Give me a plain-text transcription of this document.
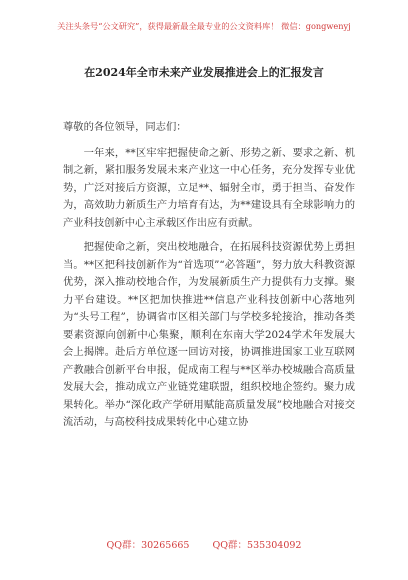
关注头条号“公文研究”，获得最新最全最专业的公文资料库！ 微信：gongwenyj
在2024年全市未来产业发展推进会上的汇报发言

尊敬的各位领导，同志们：

一年来，**区牢牢把握使命之新、形势之新、要求之新、机制之新，紧扣服务发展未来产业这一中心任务，充分发挥专业优势，广泛对接后方资源，立足**、辐射全市，勇于担当、奋发作为，高效助力新质生产力培育有达，为**建设具有全球影响力的产业科技创新中心主承载区作出应有贡献。

把握使命之新，突出校地融合，在拓展科技资源优势上勇担当。**区把科技创新作为“首选项”“必答题”，努力放大科教资源优势，深入推动校地合作，为发展新质生产力提供有力支撑。聚力平台建设。**区把加快推进**信息产业科技创新中心落地列为“头号工程”，协调省市区相关部门与学校多轮接洽，推动各类要素资源向创新中心集聚，顺利在东南大学2024学术年发展大会上揭牌。赴后方单位逐一回访对接，协调推进国家工业互联网产教融合创新平台申报，促成南工程与**区举办校城融合高质量发展大会，推动成立产业链党建联盟，组织校地企签约。聚力成果转化。举办“深化政产学研用赋能高质量发展”校地融合对接交流活动，与高校科技成果转化中心建立协

QQ群：30265665 QQ群：535304092
